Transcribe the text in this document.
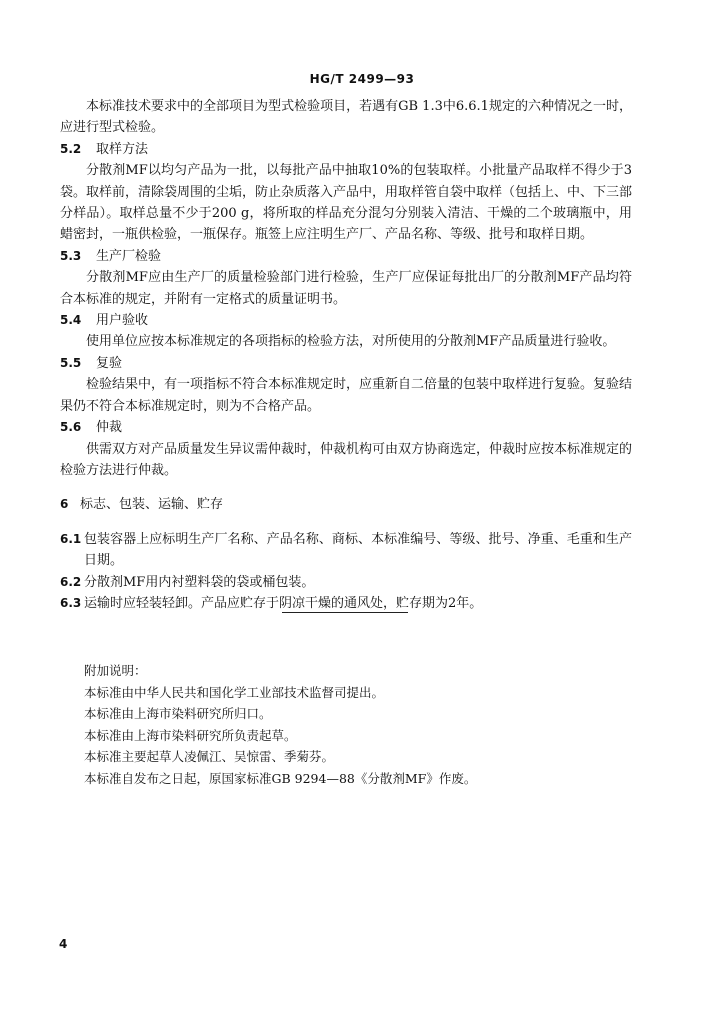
HG/T 2499—93

本标准技术要求中的全部项目为型式检验项目，若遇有GB 1.3中6.6.1规定的六种情况之一时，应进行型式检验。

5.2 取样方法

分散剂MF以均匀产品为一批，以每批产品中抽取10%的包装取样。小批量产品取样不得少于3袋。取样前，清除袋周围的尘垢，防止杂质落入产品中，用取样管自袋中取样（包括上、中、下三部分样品）。取样总量不少于200 g，将所取的样品充分混匀分别装入清洁、干燥的二个玻璃瓶中，用蜡密封，一瓶供检验，一瓶保存。瓶签上应注明生产厂、产品名称、等级、批号和取样日期。

5.3 生产厂检验

分散剂MF应由生产厂的质量检验部门进行检验，生产厂应保证每批出厂的分散剂MF产品均符合本标准的规定，并附有一定格式的质量证明书。

5.4 用户验收

使用单位应按本标准规定的各项指标的检验方法，对所使用的分散剂MF产品质量进行验收。

5.5 复验

检验结果中，有一项指标不符合本标准规定时，应重新自二倍量的包装中取样进行复验。复验结果仍不符合本标准规定时，则为不合格产品。

5.6 仲裁

供需双方对产品质量发生异议需仲裁时，仲裁机构可由双方协商选定，仲裁时应按本标准规定的检验方法进行仲裁。

6 标志、包装、运输、贮存
6.1 包装容器上应标明生产厂名称、产品名称、商标、本标准编号、等级、批号、净重、毛重和生产日期。
6.2 分散剂MF用内衬塑料袋的袋或桶包装。
6.3 运输时应轻装轻卸。产品应贮存于阴凉干燥的通风处，贮存期为2年。
附加说明：
本标准由中华人民共和国化学工业部技术监督司提出。
本标准由上海市染料研究所归口。
本标准由上海市染料研究所负责起草。
本标准主要起草人凌佩江、吴惊雷、季菊芬。
本标准自发布之日起，原国家标准GB 9294—88《分散剂MF》作废。
4
